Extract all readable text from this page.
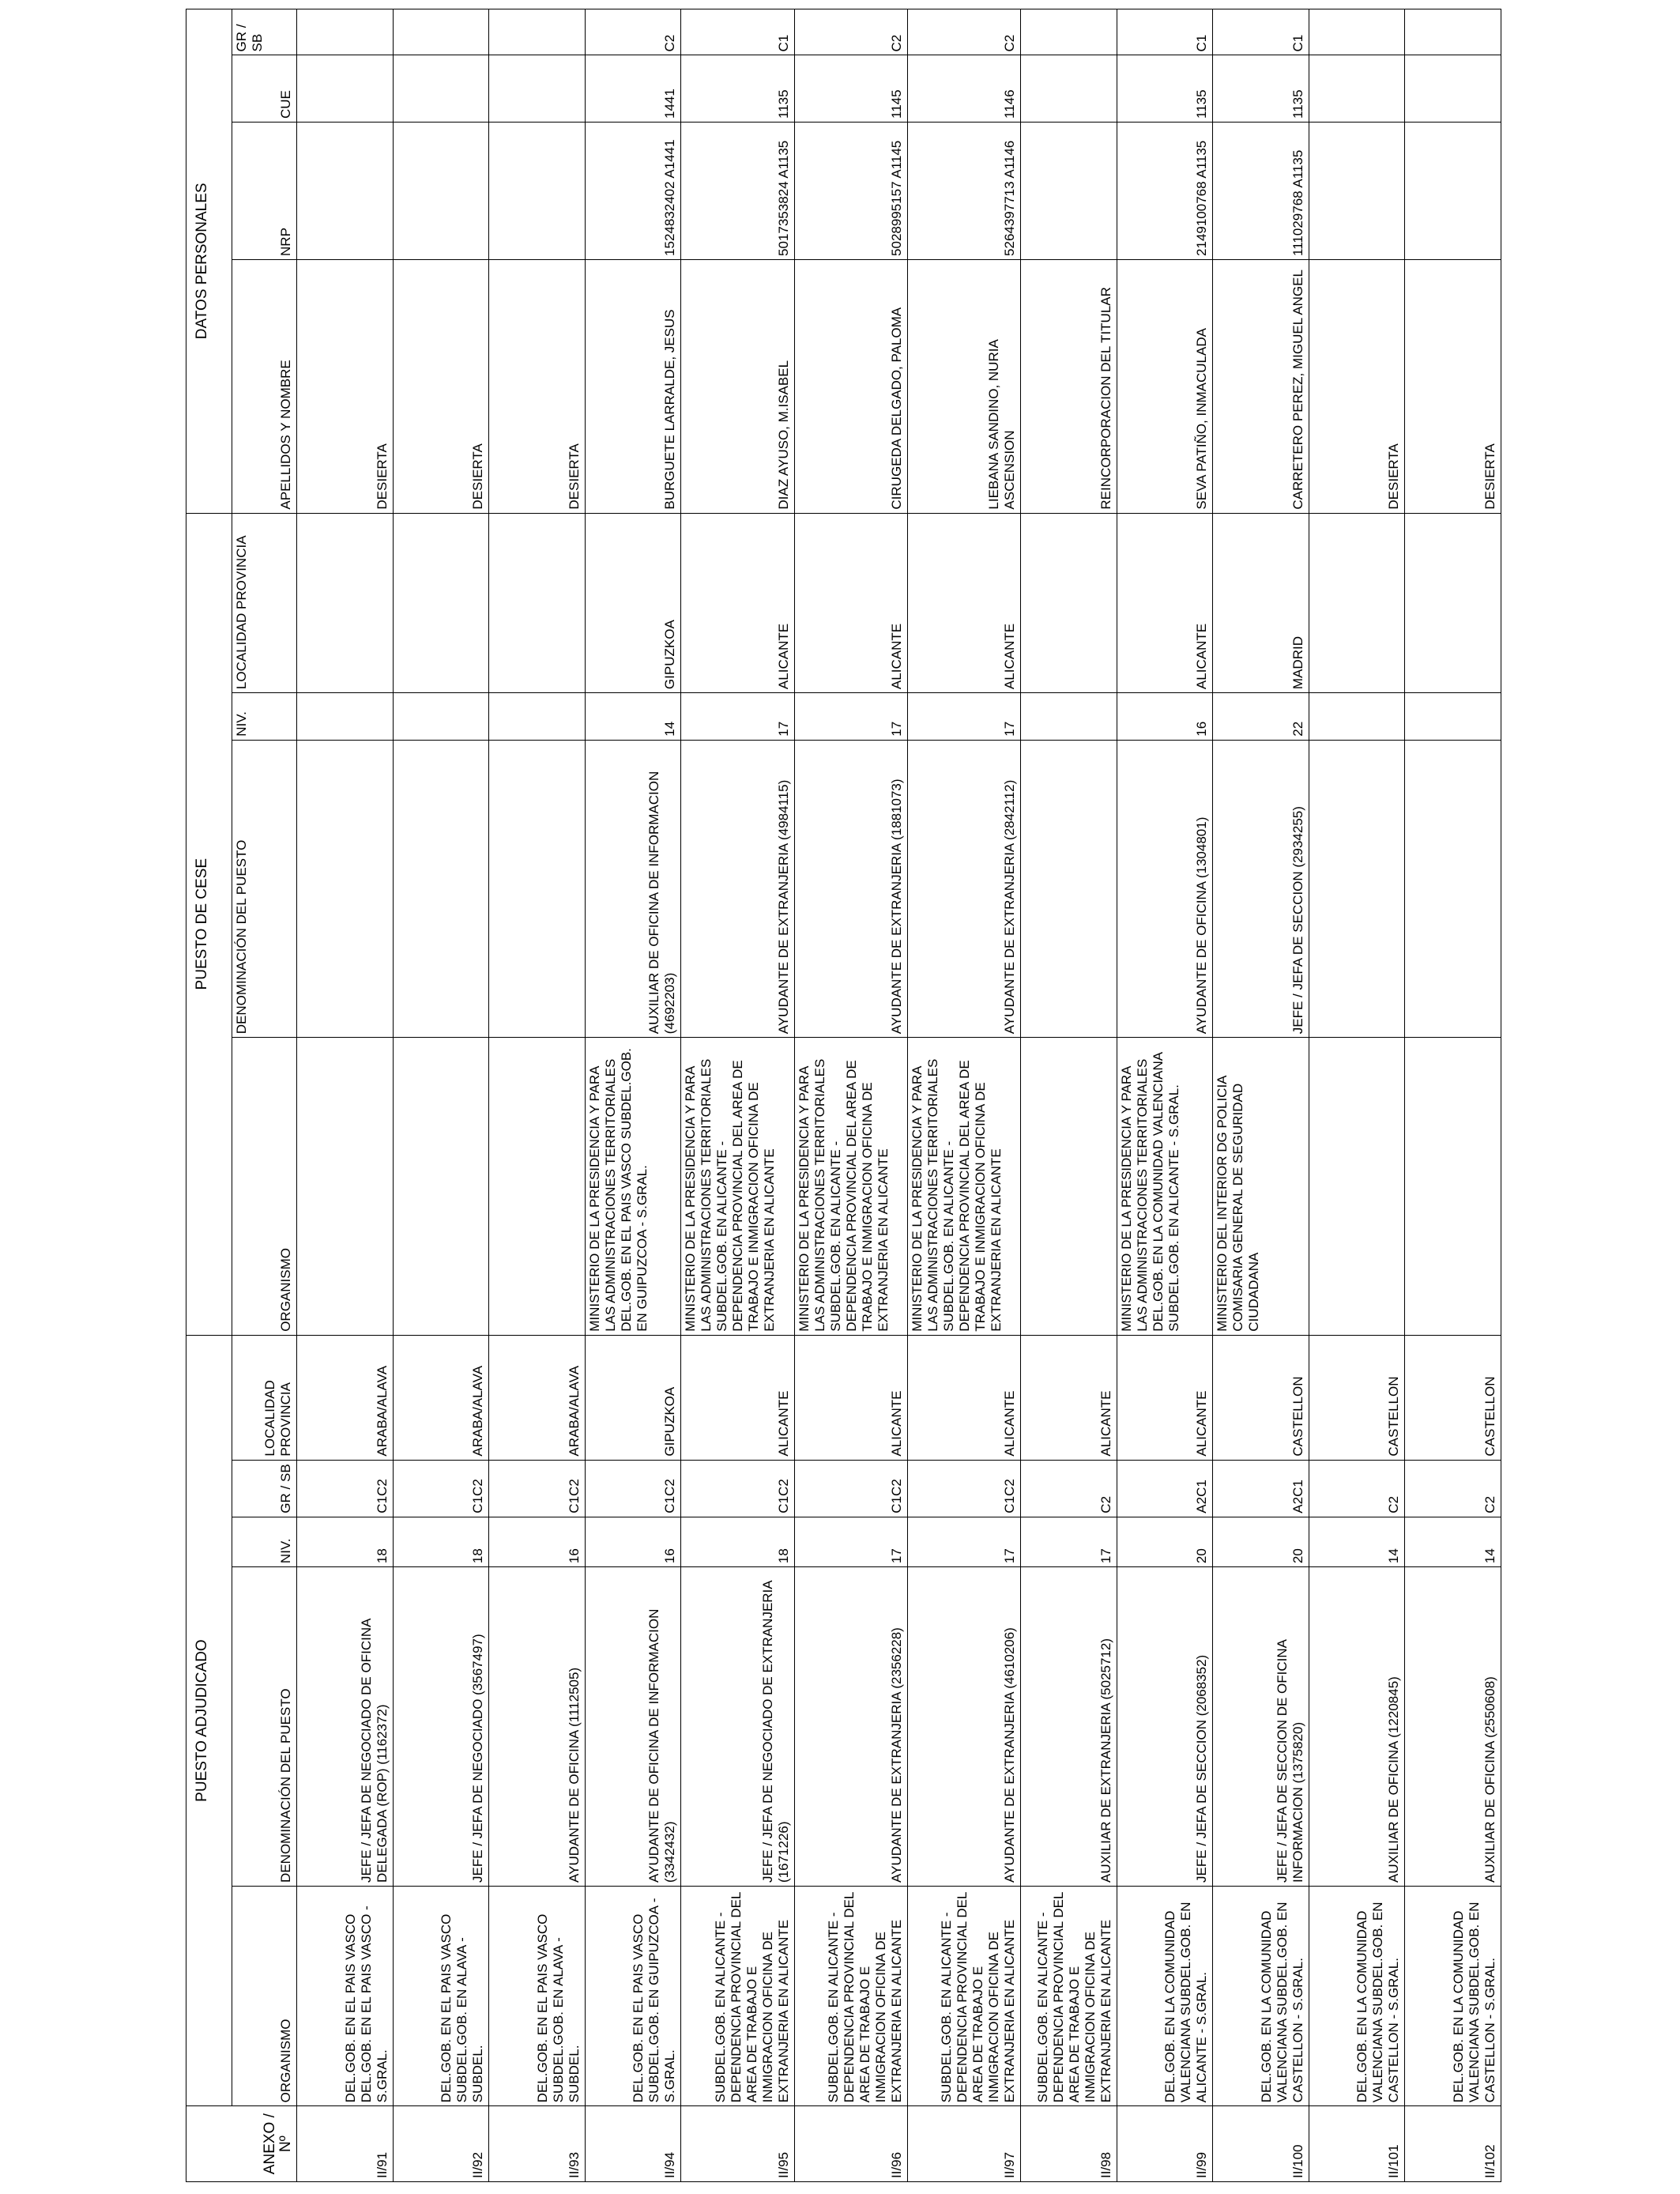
ANEXO / Nº	PUESTO ADJUDICADO					PUESTO DE CESE				DATOS PERSONALES			
	ORGANISMO	DENOMINACIÓN DEL PUESTO	NIV.	GR / SB	LOCALIDAD PROVINCIA	ORGANISMO	DENOMINACIÓN DEL PUESTO	NIV.	LOCALIDAD PROVINCIA	APELLIDOS Y NOMBRE	NRP	CUE	GR / SB
II/91	DEL.GOB. EN EL PAIS VASCO DEL.GOB. EN EL PAIS VASCO - S.GRAL.	JEFE / JEFA DE NEGOCIADO DE OFICINA DELEGADA (ROP) (1162372)	18	C1C2	ARABA/ALAVA					DESIERTA			
II/92	DEL.GOB. EN EL PAIS VASCO SUBDEL.GOB. EN ALAVA - SUBDEL.	JEFE / JEFA DE NEGOCIADO (3567497)	18	C1C2	ARABA/ALAVA					DESIERTA			
II/93	DEL.GOB. EN EL PAIS VASCO SUBDEL.GOB. EN ALAVA - SUBDEL.	AYUDANTE DE OFICINA (1112505)	16	C1C2	ARABA/ALAVA					DESIERTA			
II/94	DEL.GOB. EN EL PAIS VASCO SUBDEL.GOB. EN GUIPUZCOA - S.GRAL.	AYUDANTE DE OFICINA DE INFORMACION (3342432)	16	C1C2	GIPUZKOA	MINISTERIO DE LA PRESIDENCIA Y PARA LAS ADMINISTRACIONES TERRITORIALES DEL.GOB. EN EL PAIS VASCO SUBDEL.GOB. EN GUIPUZCOA - S.GRAL.	AUXILIAR DE OFICINA DE INFORMACION (4692203)	14	GIPUZKOA	BURGUETE LARRALDE, JESUS	1524832402 A1441	1441	C2
II/95	SUBDEL.GOB. EN ALICANTE - DEPENDENCIA PROVINCIAL DEL AREA DE TRABAJO E INMIGRACION OFICINA DE EXTRANJERIA EN ALICANTE	JEFE / JEFA DE NEGOCIADO DE EXTRANJERIA (1671226)	18	C1C2	ALICANTE	MINISTERIO DE LA PRESIDENCIA Y PARA LAS ADMINISTRACIONES TERRITORIALES SUBDEL.GOB. EN ALICANTE - DEPENDENCIA PROVINCIAL DEL AREA DE TRABAJO E INMIGRACION OFICINA DE EXTRANJERIA EN ALICANTE	AYUDANTE DE EXTRANJERIA (4984115)	17	ALICANTE	DIAZ AYUSO, M.ISABEL	5017353824 A1135	1135	C1
II/96	SUBDEL.GOB. EN ALICANTE - DEPENDENCIA PROVINCIAL DEL AREA DE TRABAJO E INMIGRACION OFICINA DE EXTRANJERIA EN ALICANTE	AYUDANTE DE EXTRANJERIA (2356228)	17	C1C2	ALICANTE	MINISTERIO DE LA PRESIDENCIA Y PARA LAS ADMINISTRACIONES TERRITORIALES SUBDEL.GOB. EN ALICANTE - DEPENDENCIA PROVINCIAL DEL AREA DE TRABAJO E INMIGRACION OFICINA DE EXTRANJERIA EN ALICANTE	AYUDANTE DE EXTRANJERIA (1881073)	17	ALICANTE	CIRUGEDA DELGADO, PALOMA	5028995157 A1145	1145	C2
II/97	SUBDEL.GOB. EN ALICANTE - DEPENDENCIA PROVINCIAL DEL AREA DE TRABAJO E INMIGRACION OFICINA DE EXTRANJERIA EN ALICANTE	AYUDANTE DE EXTRANJERIA (4610206)	17	C1C2	ALICANTE	MINISTERIO DE LA PRESIDENCIA Y PARA LAS ADMINISTRACIONES TERRITORIALES SUBDEL.GOB. EN ALICANTE - DEPENDENCIA PROVINCIAL DEL AREA DE TRABAJO E INMIGRACION OFICINA DE EXTRANJERIA EN ALICANTE	AYUDANTE DE EXTRANJERIA (2842112)	17	ALICANTE	LIEBANA SANDINO, NURIA ASCENSION	5264397713 A1146	1146	C2
II/98	SUBDEL.GOB. EN ALICANTE - DEPENDENCIA PROVINCIAL DEL AREA DE TRABAJO E INMIGRACION OFICINA DE EXTRANJERIA EN ALICANTE	AUXILIAR DE EXTRANJERIA (5025712)	17	C2	ALICANTE					REINCORPORACION DEL TITULAR			
II/99	DEL.GOB. EN LA COMUNIDAD VALENCIANA SUBDEL.GOB. EN ALICANTE - S.GRAL.	JEFE / JEFA DE SECCION (2068352)	20	A2C1	ALICANTE	MINISTERIO DE LA PRESIDENCIA Y PARA LAS ADMINISTRACIONES TERRITORIALES DEL.GOB. EN LA COMUNIDAD VALENCIANA SUBDEL.GOB. EN ALICANTE - S.GRAL.	AYUDANTE DE OFICINA (1304801)	16	ALICANTE	SEVA PATIÑO, INMACULADA	2149100768 A1135	1135	C1
II/100	DEL.GOB. EN LA COMUNIDAD VALENCIANA SUBDEL.GOB. EN CASTELLON - S.GRAL.	JEFE / JEFA DE SECCION DE OFICINA INFORMACION (1375820)	20	A2C1	CASTELLON	MINISTERIO DEL INTERIOR DG POLICIA COMISARIA GENERAL DE SEGURIDAD CIUDADANA	JEFE / JEFA DE SECCION (2934255)	22	MADRID	CARRETERO PEREZ, MIGUEL ANGEL	111029768 A1135	1135	C1
II/101	DEL.GOB. EN LA COMUNIDAD VALENCIANA SUBDEL.GOB. EN CASTELLON - S.GRAL.	AUXILIAR DE OFICINA (1220845)	14	C2	CASTELLON					DESIERTA			
II/102	DEL.GOB. EN LA COMUNIDAD VALENCIANA SUBDEL.GOB. EN CASTELLON - S.GRAL.	AUXILIAR DE OFICINA (2550608)	14	C2	CASTELLON					DESIERTA			
